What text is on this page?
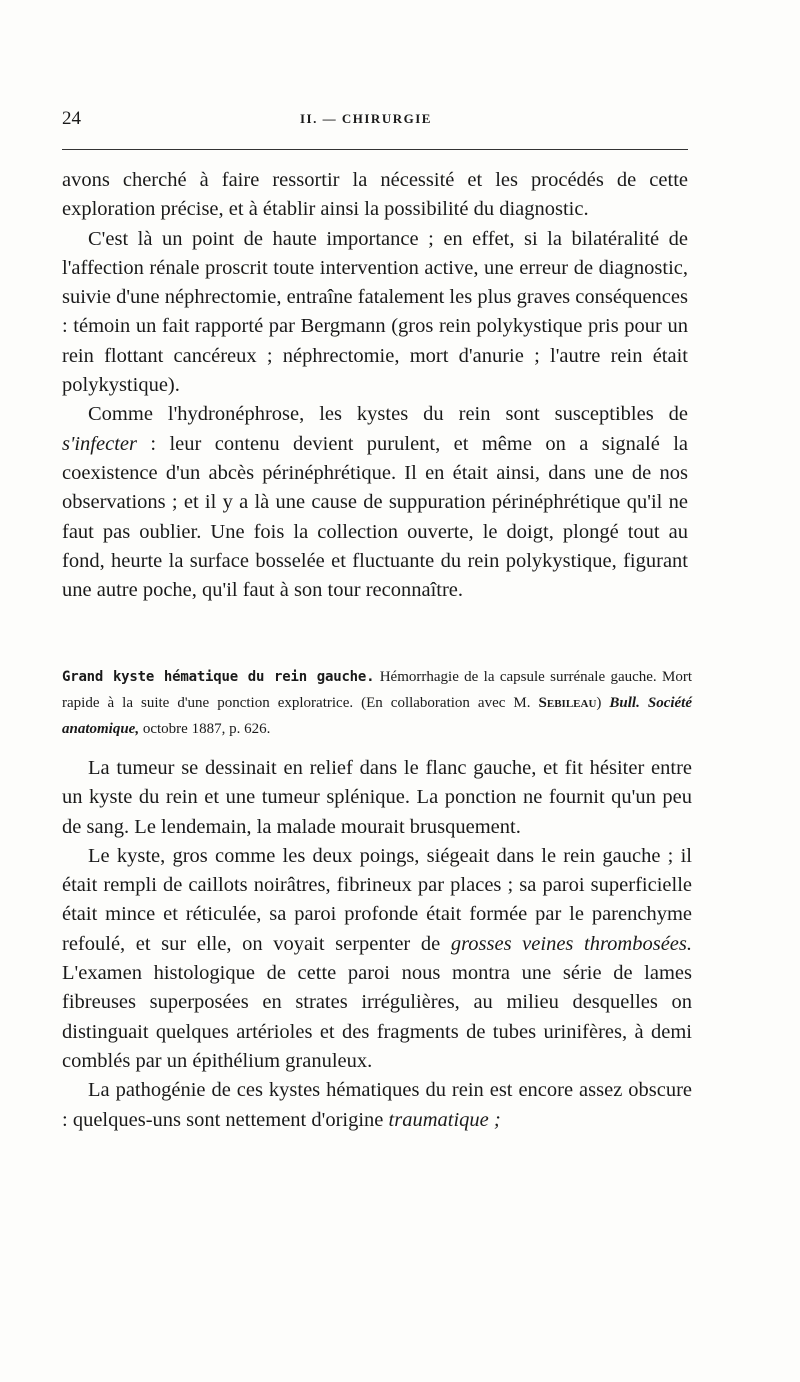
24	II. — CHIRURGIE

avons cherché à faire ressortir la nécessité et les procédés de cette exploration précise, et à établir ainsi la possibilité du diagnostic.

C'est là un point de haute importance ; en effet, si la bilatéralité de l'affection rénale proscrit toute intervention active, une erreur de diagnostic, suivie d'une néphrectomie, entraîne fatalement les plus graves conséquences : témoin un fait rapporté par Bergmann (gros rein polykystique pris pour un rein flottant cancéreux ; néphrectomie, mort d'anurie ; l'autre rein était polykystique).

Comme l'hydronéphrose, les kystes du rein sont susceptibles de s'infecter : leur contenu devient purulent, et même on a signalé la coexistence d'un abcès périnéphrétique. Il en était ainsi, dans une de nos observations ; et il y a là une cause de suppuration périnéphrétique qu'il ne faut pas oublier. Une fois la collection ouverte, le doigt, plongé tout au fond, heurte la surface bosselée et fluctuante du rein polykystique, figurant une autre poche, qu'il faut à son tour reconnaître.

Grand kyste hématique du rein gauche. Hémorrhagie de la capsule surrénale gauche. Mort rapide à la suite d'une ponction exploratrice. (En collaboration avec M. Sebileau) Bull. Société anatomique, octobre 1887, p. 626.

La tumeur se dessinait en relief dans le flanc gauche, et fit hésiter entre un kyste du rein et une tumeur splénique. La ponction ne fournit qu'un peu de sang. Le lendemain, la malade mourait brusquement.

Le kyste, gros comme les deux poings, siégeait dans le rein gauche ; il était rempli de caillots noirâtres, fibrineux par places ; sa paroi superficielle était mince et réticulée, sa paroi profonde était formée par le parenchyme refoulé, et sur elle, on voyait serpenter de grosses veines thrombosées. L'examen histologique de cette paroi nous montra une série de lames fibreuses superposées en strates irrégulières, au milieu desquelles on distinguait quelques artérioles et des fragments de tubes urinifères, à demi comblés par un épithélium granuleux.

La pathogénie de ces kystes hématiques du rein est encore assez obscure : quelques-uns sont nettement d'origine traumatique ;
